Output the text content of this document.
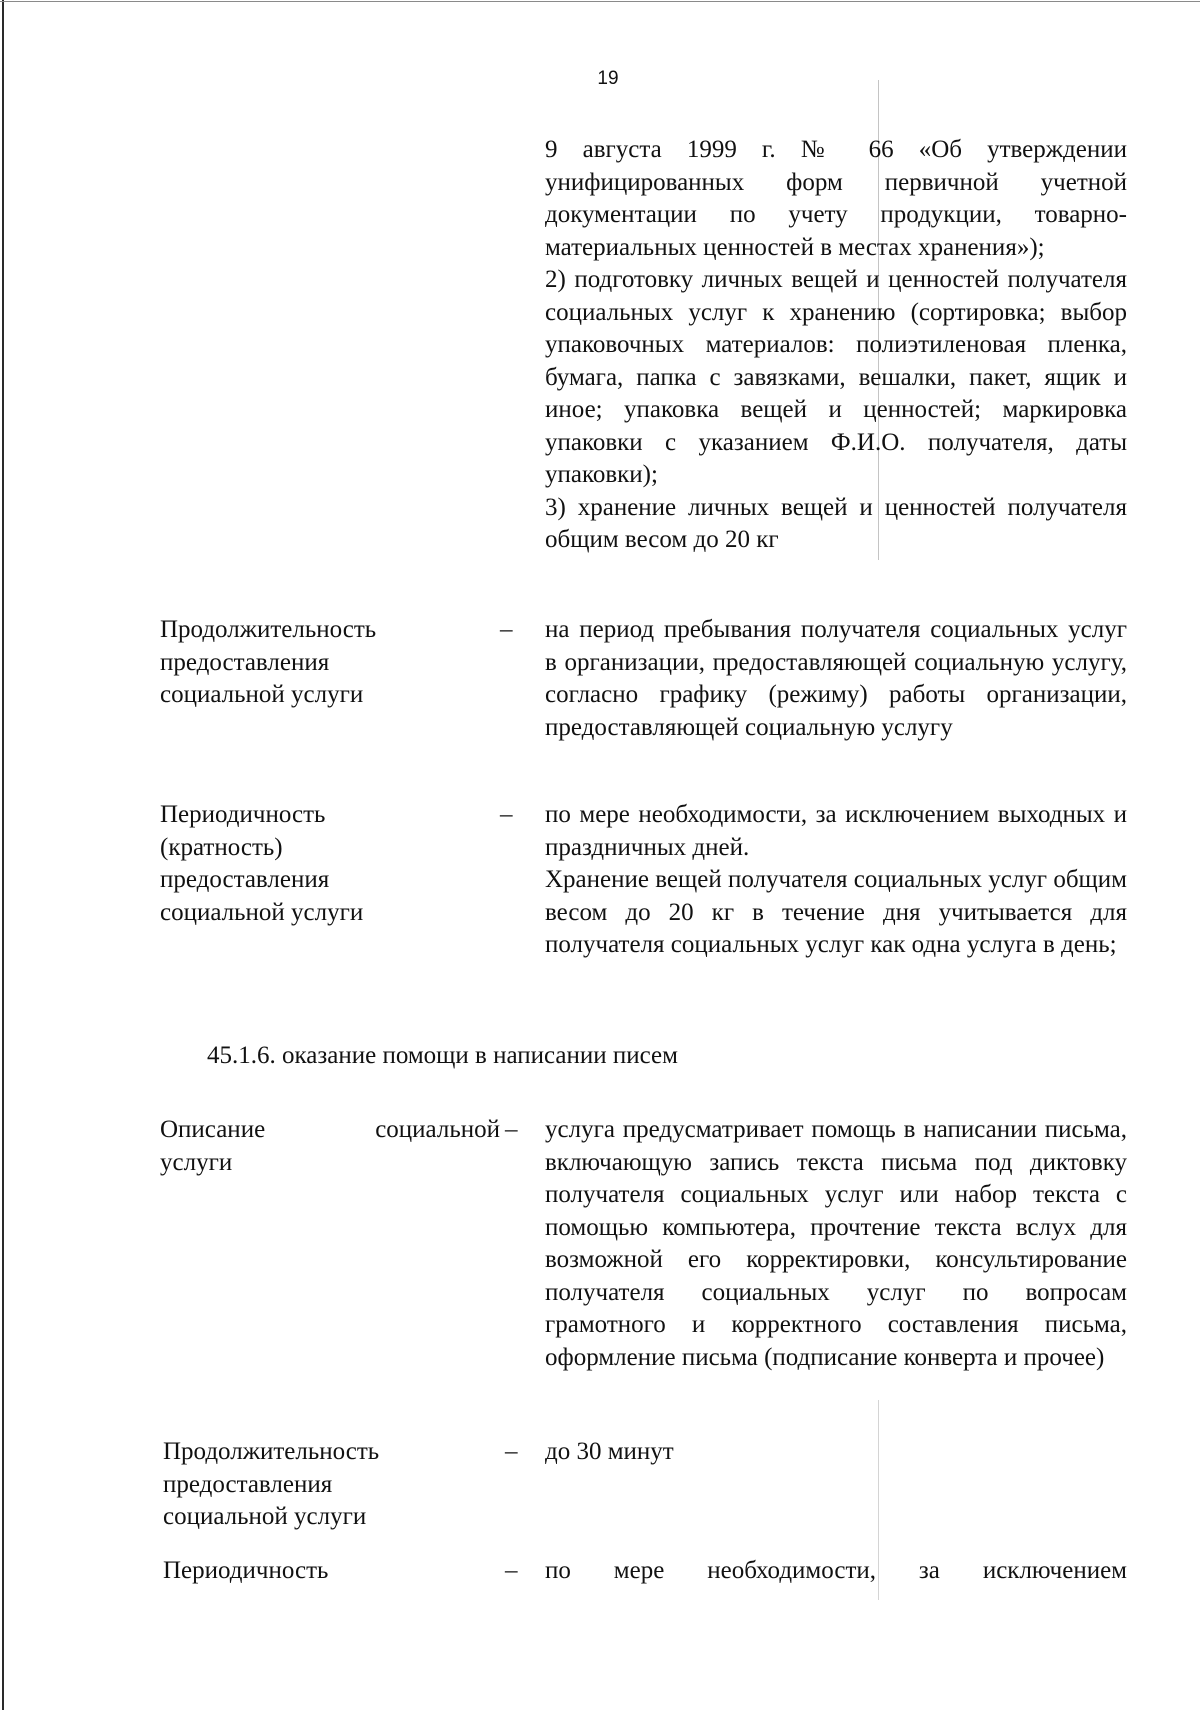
19

9 августа 1999 г. № 66 «Об утверждении унифицированных форм первичной учетной документации по учету продукции, товарно-материальных ценностей в местах хранения»);

2) подготовку личных вещей и ценностей получателя социальных услуг к хранению (сортировка; выбор упаковочных материалов: полиэтиленовая пленка, бумага, папка с завязками, вешалки, пакет, ящик и иное; упаковка вещей и ценностей; маркировка упаковки с указанием Ф.И.О. получателя, даты упаковки);

3) хранение личных вещей и ценностей получателя общим весом до 20 кг

Продолжительность предоставления социальной услуги
– на период пребывания получателя социальных услуг в организации, предоставляющей социальную услугу, согласно графику (режиму) работы организации, предоставляющей социальную услугу

Периодичность (кратность) предоставления социальной услуги
– по мере необходимости, за исключением выходных и праздничных дней.

Хранение вещей получателя социальных услуг общим весом до 20 кг в течение дня учитывается для получателя социальных услуг как одна услуга в день;

45.1.6. оказание помощи в написании писем
Описание	социальной
услуги
– услуга предусматривает помощь в написании письма, включающую запись текста письма под диктовку получателя социальных услуг или набор текста с помощью компьютера, прочтение текста вслух для возможной его корректировки, консультирование получателя социальных услуг по вопросам грамотного и корректного составления письма, оформление письма (подписание конверта и прочее)

Продолжительность предоставления социальной услуги
– до 30 минут
Периодичность	– по мере необходимости, за исключением
